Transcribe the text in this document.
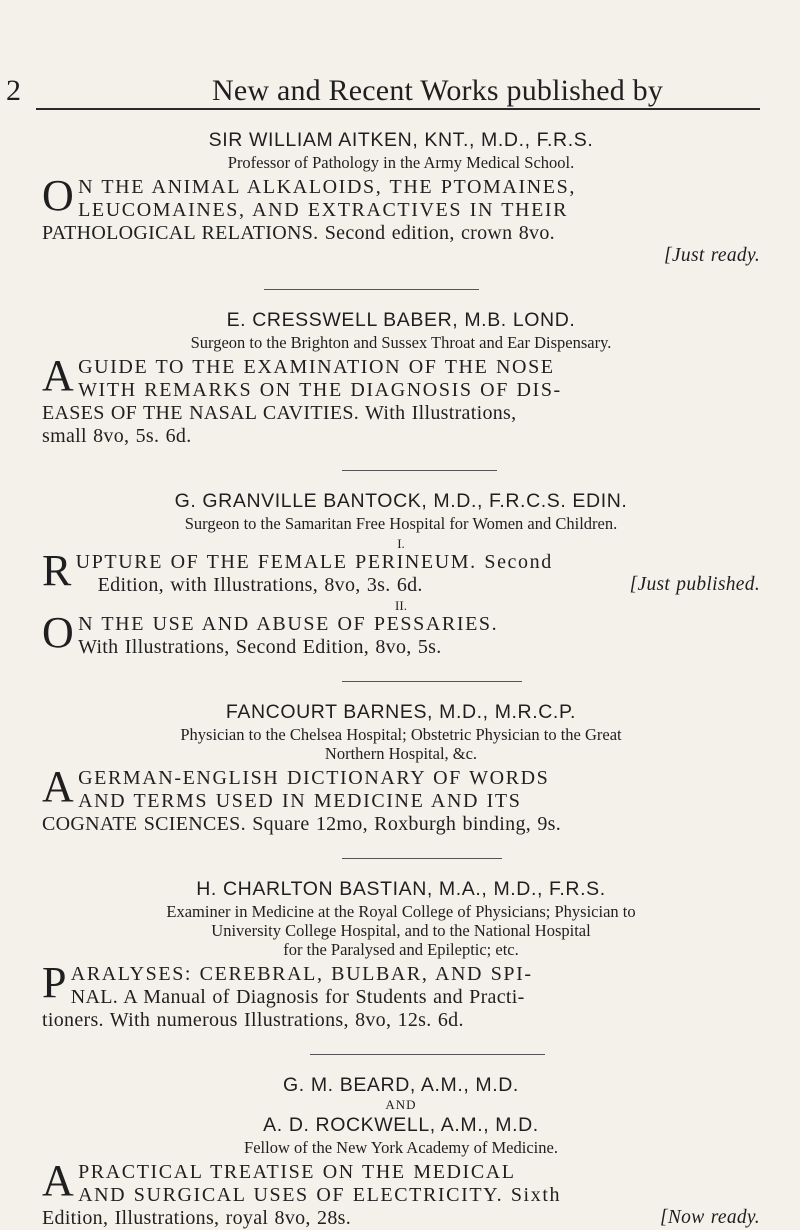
2	New and Recent Works published by
SIR WILLIAM AITKEN, KNT., M.D., F.R.S.
Professor of Pathology in the Army Medical School.
O N THE ANIMAL ALKALOIDS, THE PTOMAINES,
LEUCOMAINES, AND EXTRACTIVES IN THEIR
PATHOLOGICAL RELATIONS. Second edition, crown 8vo.
[Just ready.
E. CRESSWELL BABER, M.B. LOND.
Surgeon to the Brighton and Sussex Throat and Ear Dispensary.
A GUIDE TO THE EXAMINATION OF THE NOSE
WITH REMARKS ON THE DIAGNOSIS OF DIS-
EASES OF THE NASAL CAVITIES. With Illustrations,
small 8vo, 5s. 6d.
G. GRANVILLE BANTOCK, M.D., F.R.C.S. EDIN.
Surgeon to the Samaritan Free Hospital for Women and Children.
I.
R UPTURE OF THE FEMALE PERINEUM. Second
Edition, with Illustrations, 8vo, 3s. 6d.	[Just published.
II.
O N THE USE AND ABUSE OF PESSARIES.
With Illustrations, Second Edition, 8vo, 5s.
FANCOURT BARNES, M.D., M.R.C.P.
Physician to the Chelsea Hospital; Obstetric Physician to the Great
Northern Hospital, &c.
A GERMAN-ENGLISH DICTIONARY OF WORDS
AND TERMS USED IN MEDICINE AND ITS
COGNATE SCIENCES. Square 12mo, Roxburgh binding, 9s.
H. CHARLTON BASTIAN, M.A., M.D., F.R.S.
Examiner in Medicine at the Royal College of Physicians; Physician to
University College Hospital, and to the National Hospital
for the Paralysed and Epileptic; etc.
P ARALYSES: CEREBRAL, BULBAR, AND SPI-
NAL. A Manual of Diagnosis for Students and Practi-
tioners. With numerous Illustrations, 8vo, 12s. 6d.
G. M. BEARD, A.M., M.D.
AND
A. D. ROCKWELL, A.M., M.D.
Fellow of the New York Academy of Medicine.
A PRACTICAL TREATISE ON THE MEDICAL
AND SURGICAL USES OF ELECTRICITY. Sixth
Edition, Illustrations, royal 8vo, 28s.	[Now ready.
